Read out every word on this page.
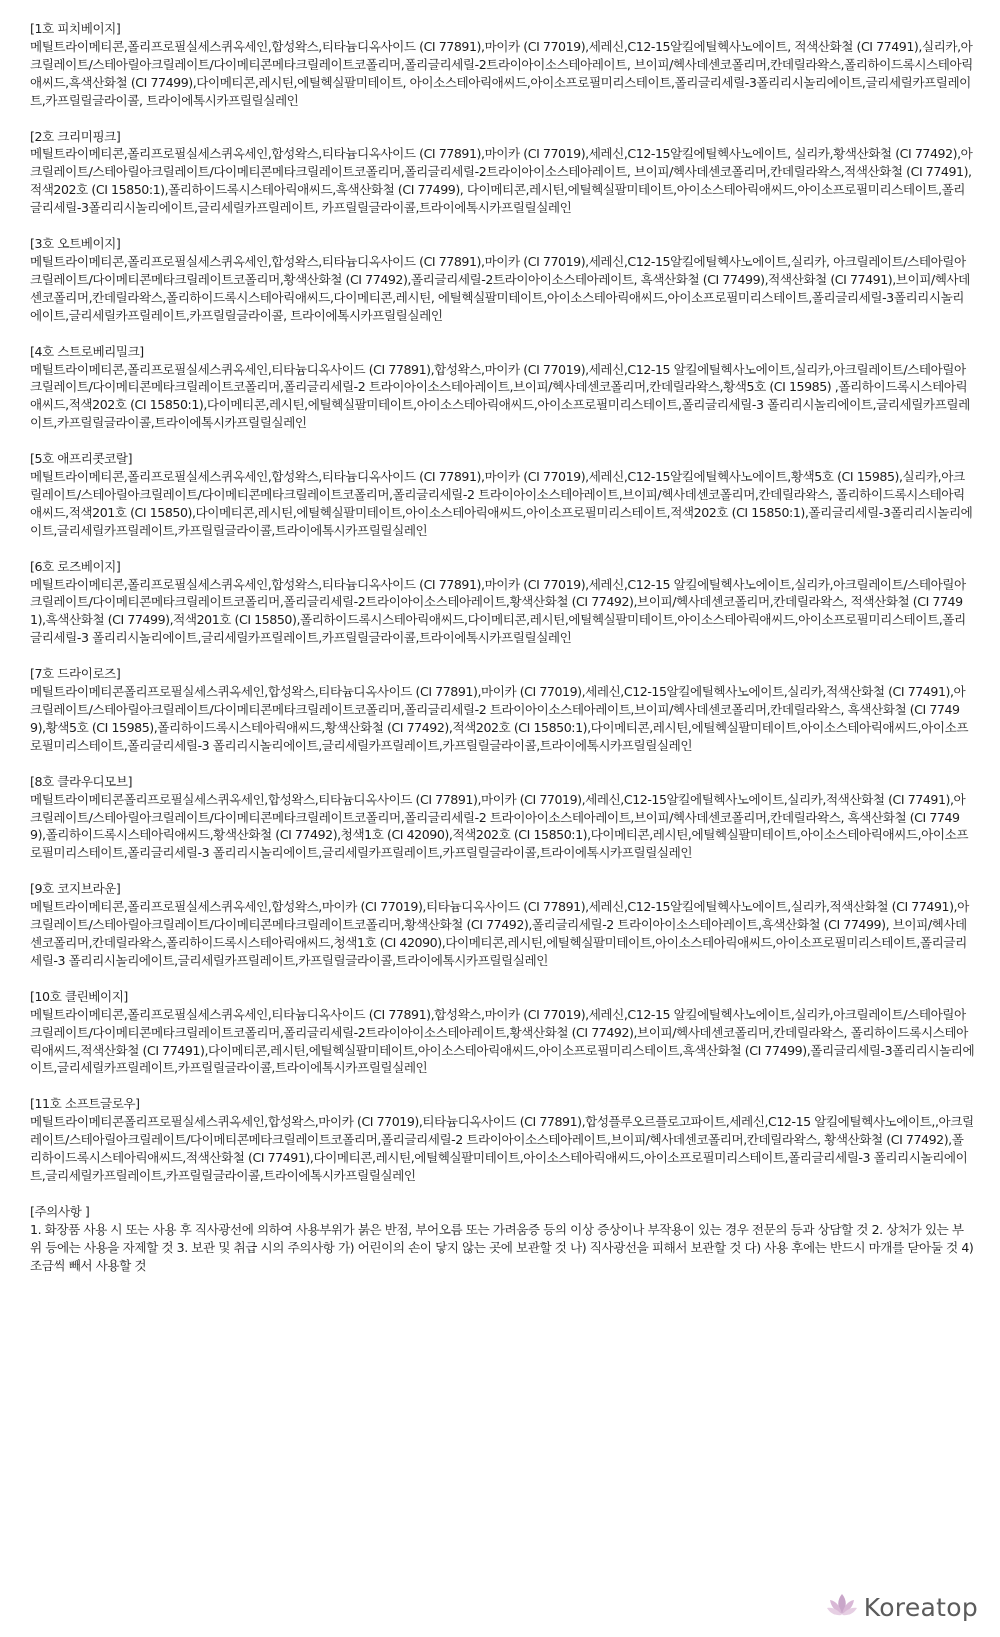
[1호 피치베이지]
메틸트라이메티콘,폴리프로필실세스퀴옥세인,합성왁스,티타늄디옥사이드 (CI 77891),마이카 (CI 77019),세레신,C12-15알킬에틸헥사노에이트, 적색산화철 (CI 77491),실리카,아크릴레이트/스테아릴아크릴레이트/다이메티콘메타크릴레이트코폴리머,폴리글리세릴-2트라이아이소스테아레이트, 브이피/헥사데센코폴리머,칸데릴라왁스,폴리하이드록시스테아릭애씨드,흑색산화철 (CI 77499),다이메티콘,레시틴,에틸헥실팔미테이트, 아이소스테아릭애씨드,아이소프로필미리스테이트,폴리글리세릴-3폴리리시놀리에이트,글리세릴카프릴레이트,카프릴릴글라이콜, 트라이에톡시카프릴릴실레인
[2호 크리미핑크]
메틸트라이메티콘,폴리프로필실세스퀴옥세인,합성왁스,티타늄디옥사이드 (CI 77891),마이카 (CI 77019),세레신,C12-15알킬에틸헥사노에이트, 실리카,황색산화철 (CI 77492),아크릴레이트/스테아릴아크릴레이트/다이메티콘메타크릴레이트코폴리머,폴리글리세릴-2트라이아이소스테아레이트, 브이피/헥사데센코폴리머,칸데릴라왁스,적색산화철 (CI 77491),적색202호 (CI 15850:1),폴리하이드록시스테아릭애씨드,흑색산화철 (CI 77499), 다이메티콘,레시틴,에틸헥실팔미테이트,아이소스테아릭애씨드,아이소프로필미리스테이트,폴리글리세릴-3폴리리시놀리에이트,글리세릴카프릴레이트, 카프릴릴글라이콜,트라이에톡시카프릴릴실레인
[3호 오트베이지]
메틸트라이메티콘,폴리프로필실세스퀴옥세인,합성왁스,티타늄디옥사이드 (CI 77891),마이카 (CI 77019),세레신,C12-15알킬에틸헥사노에이트,실리카, 아크릴레이트/스테아릴아크릴레이트/다이메티콘메타크릴레이트코폴리머,황색산화철 (CI 77492),폴리글리세릴-2트라이아이소스테아레이트, 흑색산화철 (CI 77499),적색산화철 (CI 77491),브이피/헥사데센코폴리머,칸데릴라왁스,폴리하이드록시스테아릭애씨드,다이메티콘,레시틴, 에틸헥실팔미테이트,아이소스테아릭애씨드,아이소프로필미리스테이트,폴리글리세릴-3폴리리시놀리에이트,글리세릴카프릴레이트,카프릴릴글라이콜, 트라이에톡시카프릴릴실레인
[4호 스트로베리밀크]
메틸트라이메티콘,폴리프로필실세스퀴옥세인,티타늄디옥사이드 (CI 77891),합성왁스,마이카 (CI 77019),세레신,C12-15 알킬에틸헥사노에이트,실리카,아크릴레이트/스테아릴아크릴레이트/다이메티콘메타크릴레이트코폴리머,폴리글리세릴-2 트라이아이소스테아레이트,브이피/헥사데센코폴리머,칸데릴라왁스,황색5호 (CI 15985) ,폴리하이드록시스테아릭애씨드,적색202호 (CI 15850:1),다이메티콘,레시틴,에틸헥실팔미테이트,아이소스테아릭애씨드,아이소프로필미리스테이트,폴리글리세릴-3 폴리리시놀리에이트,글리세릴카프릴레이트,카프릴릴글라이콜,트라이에톡시카프릴릴실레인
[5호 애프리콧코랄]
메틸트라이메티콘,폴리프로필실세스퀴옥세인,합성왁스,티타늄디옥사이드 (CI 77891),마이카 (CI 77019),세레신,C12-15알킬에틸헥사노에이트,황색5호 (CI 15985),실리카,아크릴레이트/스테아릴아크릴레이트/다이메티콘메타크릴레이트코폴리머,폴리글리세릴-2 트라이아이소스테아레이트,브이피/헥사데센코폴리머,칸데릴라왁스, 폴리하이드록시스테아릭애씨드,적색201호 (CI 15850),다이메티콘,레시틴,에틸헥실팔미테이트,아이소스테아릭애씨드,아이소프로필미리스테이트,적색202호 (CI 15850:1),폴리글리세릴-3폴리리시놀리에이트,글리세릴카프릴레이트,카프릴릴글라이콜,트라이에톡시카프릴릴실레인
[6호 로즈베이지]
메틸트라이메티콘,폴리프로필실세스퀴옥세인,합성왁스,티타늄디옥사이드 (CI 77891),마이카 (CI 77019),세레신,C12-15 알킬에틸헥사노에이트,실리카,아크릴레이트/스테아릴아크릴레이트/다이메티콘메타크릴레이트코폴리머,폴리글리세릴-2트라이아이소스테아레이트,황색산화철 (CI 77492),브이피/헥사데센코폴리머,칸데릴라왁스, 적색산화철 (CI 77491),흑색산화철 (CI 77499),적색201호 (CI 15850),폴리하이드록시스테아릭애씨드,다이메티콘,레시틴,에틸헥실팔미테이트,아이소스테아릭애씨드,아이소프로필미리스테이트,폴리글리세릴-3 폴리리시놀리에이트,글리세릴카프릴레이트,카프릴릴글라이콜,트라이에톡시카프릴릴실레인
[7호 드라이로즈]
메틸트라이메티콘폴리프로필실세스퀴옥세인,합성왁스,티타늄디옥사이드 (CI 77891),마이카 (CI 77019),세레신,C12-15알킬에틸헥사노에이트,실리카,적색산화철 (CI 77491),아크릴레이트/스테아릴아크릴레이트/다이메티콘메타크릴레이트코폴리머,폴리글리세릴-2 트라이아이소스테아레이트,브이피/헥사데센코폴리머,칸데릴라왁스, 흑색산화철 (CI 77499),황색5호 (CI 15985),폴리하이드록시스테아릭애씨드,황색산화철 (CI 77492),적색202호 (CI 15850:1),다이메티콘,레시틴,에틸헥실팔미테이트,아이소스테아릭애씨드,아이소프로필미리스테이트,폴리글리세릴-3 폴리리시놀리에이트,글리세릴카프릴레이트,카프릴릴글라이콜,트라이에톡시카프릴릴실레인
[8호 클라우디모브]
메틸트라이메티콘폴리프로필실세스퀴옥세인,합성왁스,티타늄디옥사이드 (CI 77891),마이카 (CI 77019),세레신,C12-15알킬에틸헥사노에이트,실리카,적색산화철 (CI 77491),아크릴레이트/스테아릴아크릴레이트/다이메티콘메타크릴레이트코폴리머,폴리글리세릴-2 트라이아이소스테아레이트,브이피/헥사데센코폴리머,칸데릴라왁스, 흑색산화철 (CI 77499),폴리하이드록시스테아릭애씨드,황색산화철 (CI 77492),청색1호 (CI 42090),적색202호 (CI 15850:1),다이메티콘,레시틴,에틸헥실팔미테이트,아이소스테아릭애씨드,아이소프로필미리스테이트,폴리글리세릴-3 폴리리시놀리에이트,글리세릴카프릴레이트,카프릴릴글라이콜,트라이에톡시카프릴릴실레인
[9호 코지브라운]
메틸트라이메티콘,폴리프로필실세스퀴옥세인,합성왁스,마이카 (CI 77019),티타늄디옥사이드 (CI 77891),세레신,C12-15알킬에틸헥사노에이트,실리카,적색산화철 (CI 77491),아크릴레이트/스테아릴아크릴레이트/다이메티콘메타크릴레이트코폴리머,황색산화철 (CI 77492),폴리글리세릴-2 트라이아이소스테아레이트,흑색산화철 (CI 77499), 브이피/헥사데센코폴리머,칸데릴라왁스,폴리하이드록시스테아릭애씨드,청색1호 (CI 42090),다이메티콘,레시틴,에틸헥실팔미테이트,아이소스테아릭애씨드,아이소프로필미리스테이트,폴리글리세릴-3 폴리리시놀리에이트,글리세릴카프릴레이트,카프릴릴글라이콜,트라이에톡시카프릴릴실레인
[10호 클린베이지]
메틸트라이메티콘,폴리프로필실세스퀴옥세인,티타늄디옥사이드 (CI 77891),합성왁스,마이카 (CI 77019),세레신,C12-15 알킬에틸헥사노에이트,실리카,아크릴레이트/스테아릴아크릴레이트/다이메티콘메타크릴레이트코폴리머,폴리글리세릴-2트라이아이소스테아레이트,황색산화철 (CI 77492),브이피/헥사데센코폴리머,칸데릴라왁스, 폴리하이드록시스테아릭애씨드,적색산화철 (CI 77491),다이메티콘,레시틴,에틸헥실팔미테이트,아이소스테아릭애씨드,아이소프로필미리스테이트,흑색산화철 (CI 77499),폴리글리세릴-3폴리리시놀리에이트,글리세릴카프릴레이트,카프릴릴글라이콜,트라이에톡시카프릴릴실레인
[11호 소프트글로우]
메틸트라이메티콘폴리프로필실세스퀴옥세인,합성왁스,마이카 (CI 77019),티타늄디옥사이드 (CI 77891),합성플루오르플로고파이트,세레신,C12-15 알킬에틸헥사노에이트,,아크릴레이트/스테아릴아크릴레이트/다이메티콘메타크릴레이트코폴리머,폴리글리세릴-2 트라이아이소스테아레이트,브이피/헥사데센코폴리머,칸데릴라왁스, 황색산화철 (CI 77492),폴리하이드록시스테아릭애씨드,적색산화철 (CI 77491),다이메티콘,레시틴,에틸헥실팔미테이트,아이소스테아릭애씨드,아이소프로필미리스테이트,폴리글리세릴-3 폴리리시놀리에이트,글리세릴카프릴레이트,카프릴릴글라이콜,트라이에톡시카프릴릴실레인
[주의사항 ]
1. 화장품 사용 시 또는 사용 후 직사광선에 의하여 사용부위가 붉은 반점, 부어오름 또는 가려움증 등의 이상 증상이나 부작용이 있는 경우 전문의 등과 상담할 것 2. 상처가 있는 부위 등에는 사용을 자제할 것 3. 보관 및 취급 시의 주의사항 가) 어린이의 손이 닿지 않는 곳에 보관할 것 나) 직사광선을 피해서 보관할 것 다) 사용 후에는 반드시 마개를 닫아둘 것 4) 조금씩 빼서 사용할 것
Koreatop
